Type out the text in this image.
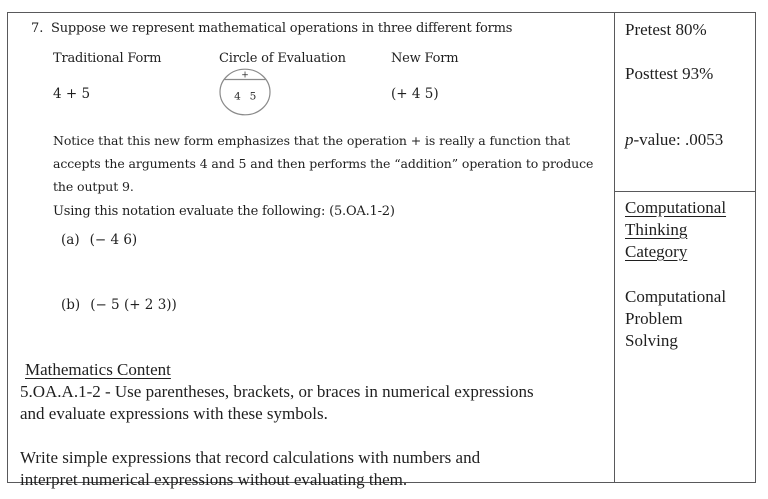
7. Suppose we represent mathematical operations in three different forms
Traditional Form
4 + 5
Circle of Evaluation
+
4 5
New Form
(+ 4 5)
Notice that this new form emphasizes that the operation + is really a function that
accepts the arguments 4 and 5 and then performs the “addition” operation to produce
the output 9.
Using this notation evaluate the following: (5.OA.1-2)
(a) (− 4 6)
(b) (− 5 (+ 2 3))
Mathematics Content
5.OA.A.1-2 - Use parentheses, brackets, or braces in numerical expressions
and evaluate expressions with these symbols.
Write simple expressions that record calculations with numbers and
interpret numerical expressions without evaluating them.
Pretest 80%
Posttest 93%
p-value: .0053
Computational
Thinking
Category
Computational
Problem
Solving
